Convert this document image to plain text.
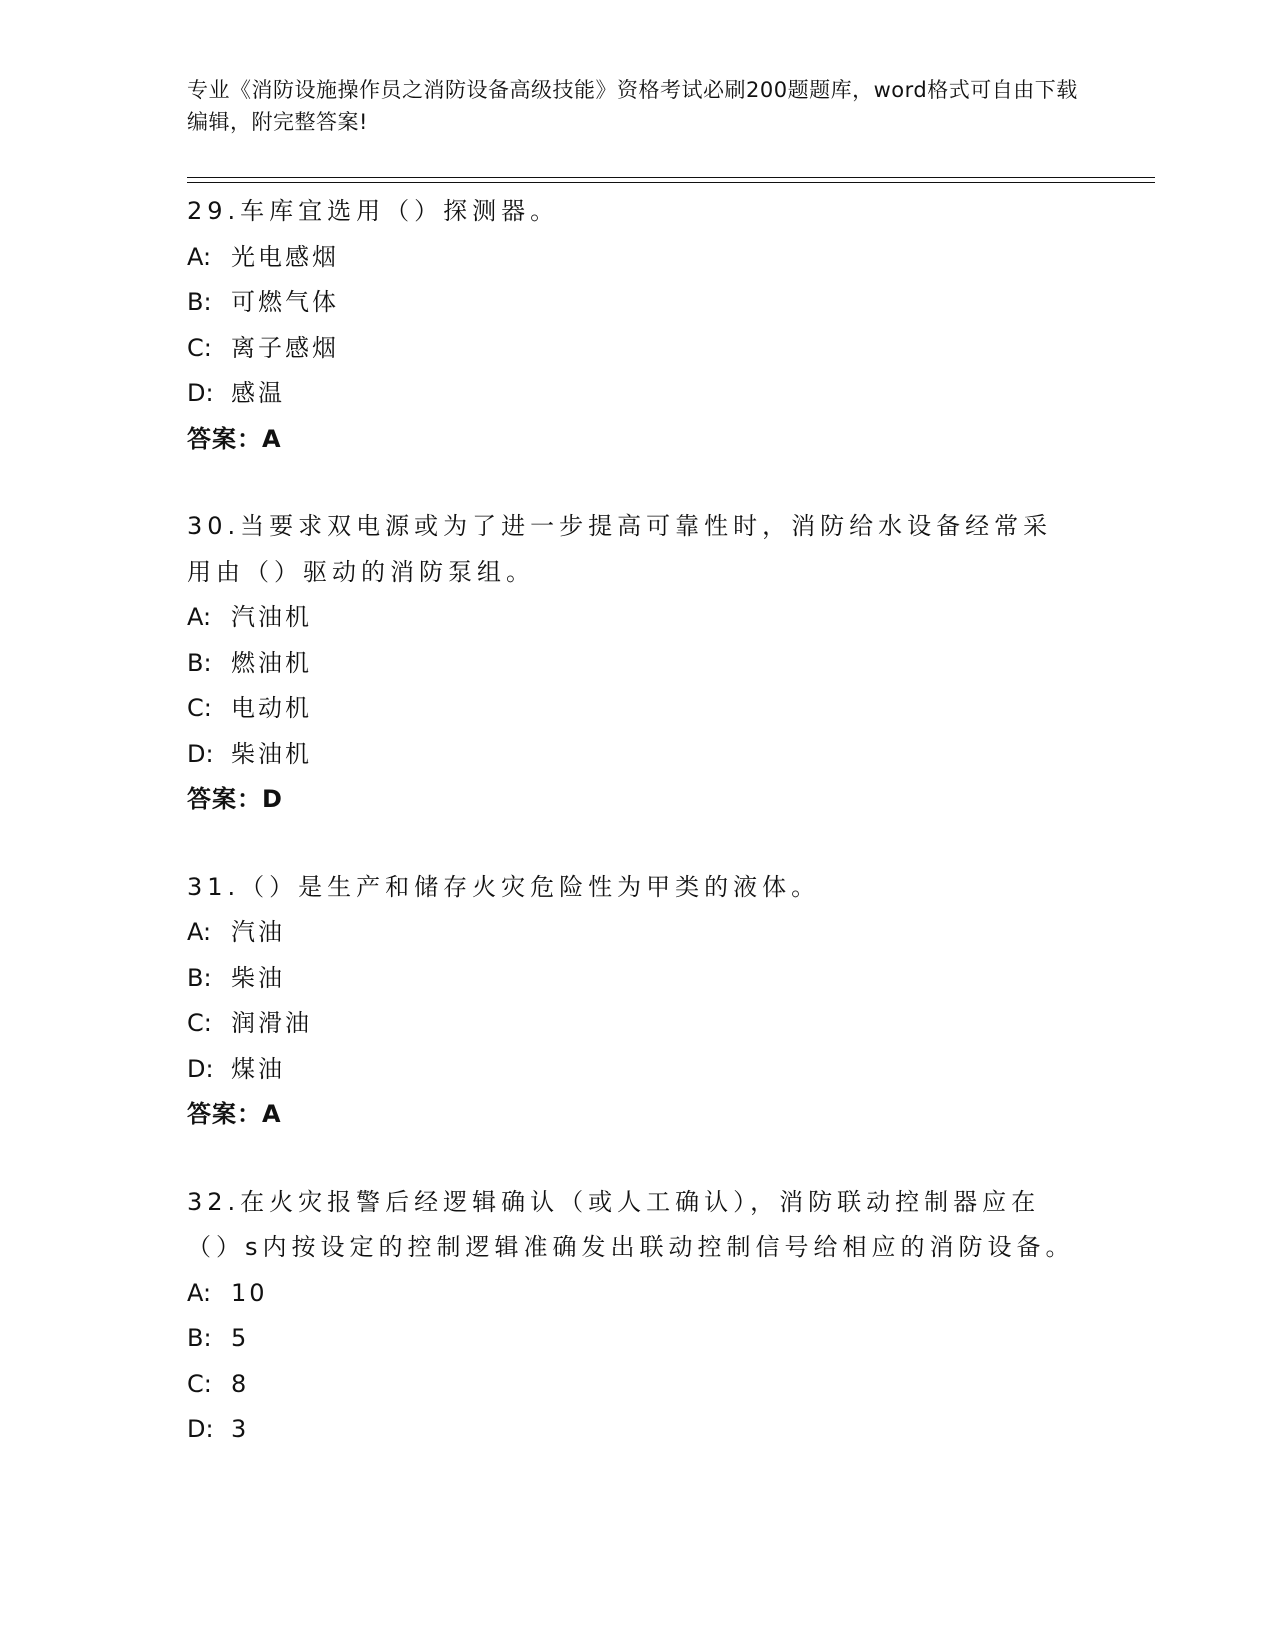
专业《消防设施操作员之消防设备高级技能》资格考试必刷200题题库，word格式可自由下载编辑，附完整答案!

29.车库宜选用（）探测器。

A: 光电感烟

B: 可燃气体

C: 离子感烟

D: 感温

答案：A

30.当要求双电源或为了进一步提高可靠性时，消防给水设备经常采用由（）驱动的消防泵组。

A: 汽油机

B: 燃油机

C: 电动机

D: 柴油机

答案：D

31.（）是生产和储存火灾危险性为甲类的液体。

A: 汽油

B: 柴油

C: 润滑油

D: 煤油

答案：A

32.在火灾报警后经逻辑确认（或人工确认），消防联动控制器应在（）s内按设定的控制逻辑准确发出联动控制信号给相应的消防设备。

A: 10

B: 5

C: 8

D: 3
